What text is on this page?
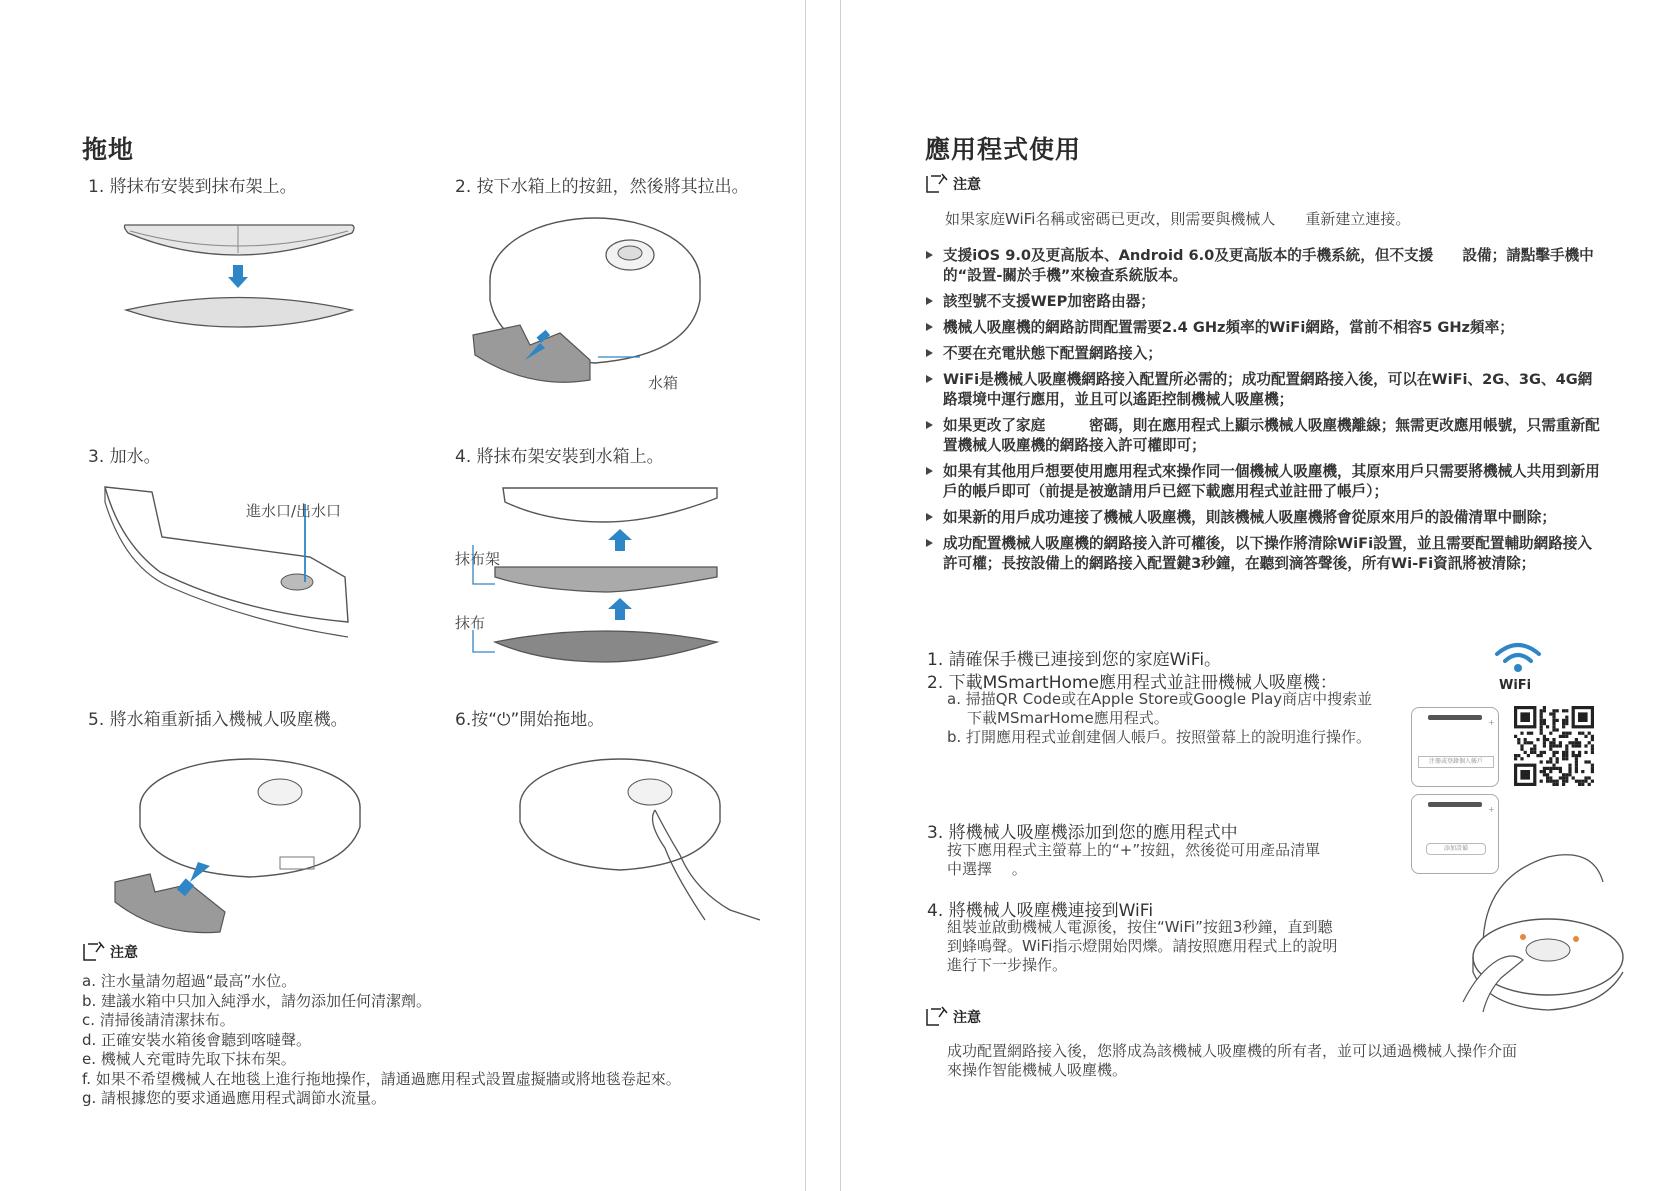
拖地
1. 將抹布安裝到抹布架上。	2. 按下水箱上的按鈕，然後將其拉出。
3. 加水。	4. 將抹布架安裝到水箱上。
5. 將水箱重新插入機械人吸塵機。	6.按“⏻”開始拖地。
水箱
進水口/出水口
抹布架
抹布
注意
a. 注水量請勿超過“最高”水位。
b. 建議水箱中只加入純淨水，請勿添加任何清潔劑。
c. 清掃後請清潔抹布。
d. 正確安裝水箱後會聽到喀噠聲。
e. 機械人充電時先取下抹布架。
f. 如果不希望機械人在地毯上進行拖地操作，請通過應用程式設置虛擬牆或將地毯卷起來。
g. 請根據您的要求通過應用程式調節水流量。
應用程式使用
注意
如果家庭WiFi名稱或密碼已更改，則需要與機械人　　重新建立連接。
支援iOS 9.0及更高版本、Android 6.0及更高版本的手機系統，但不支援　　設備；請點擊手機中的“設置-關於手機”來檢查系統版本。
該型號不支援WEP加密路由器；
機械人吸塵機的網路訪問配置需要2.4 GHz頻率的WiFi網路，當前不相容5 GHz頻率；
不要在充電狀態下配置網路接入；
WiFi是機械人吸塵機網路接入配置所必需的；成功配置網路接入後，可以在WiFi、2G、3G、4G網路環境中運行應用，並且可以遙距控制機械人吸塵機；
如果更改了家庭　　　密碼，則在應用程式上顯示機械人吸塵機離線；無需更改應用帳號，只需重新配置機械人吸塵機的網路接入許可權即可；
如果有其他用戶想要使用應用程式來操作同一個機械人吸塵機，其原來用戶只需要將機械人共用到新用戶的帳戶即可（前提是被邀請用戶已經下載應用程式並註冊了帳戶）；
如果新的用戶成功連接了機械人吸塵機，則該機械人吸塵機將會從原來用戶的設備清單中刪除；
成功配置機械人吸塵機的網路接入許可權後，以下操作將清除WiFi設置，並且需要配置輔助網路接入許可權；長按設備上的網路接入配置鍵3秒鐘，在聽到滴答聲後，所有Wi-Fi資訊將被清除；
1. 請確保手機已連接到您的家庭WiFi。
2. 下載MSmartHome應用程式並註冊機械人吸塵機：
a. 掃描QR Code或在Apple Store或Google Play商店中搜索並
下載MSmarHome應用程式。
b. 打開應用程式並創建個人帳戶。按照螢幕上的說明進行操作。
3. 將機械人吸塵機添加到您的應用程式中
按下應用程式主螢幕上的“+”按鈕，然後從可用產品清單
中選擇　 。
4. 將機械人吸塵機連接到WiFi
組裝並啟動機械人電源後，按住“WiFi”按鈕3秒鐘，直到聽
到蜂鳴聲。WiFi指示燈開始閃爍。請按照應用程式上的說明
進行下一步操作。
WiFi
+
注冊或登錄個人帳戶
+
添加設備
注意
成功配置網路接入後，您將成為該機械人吸塵機的所有者，並可以通過機械人操作介面
來操作智能機械人吸塵機。
